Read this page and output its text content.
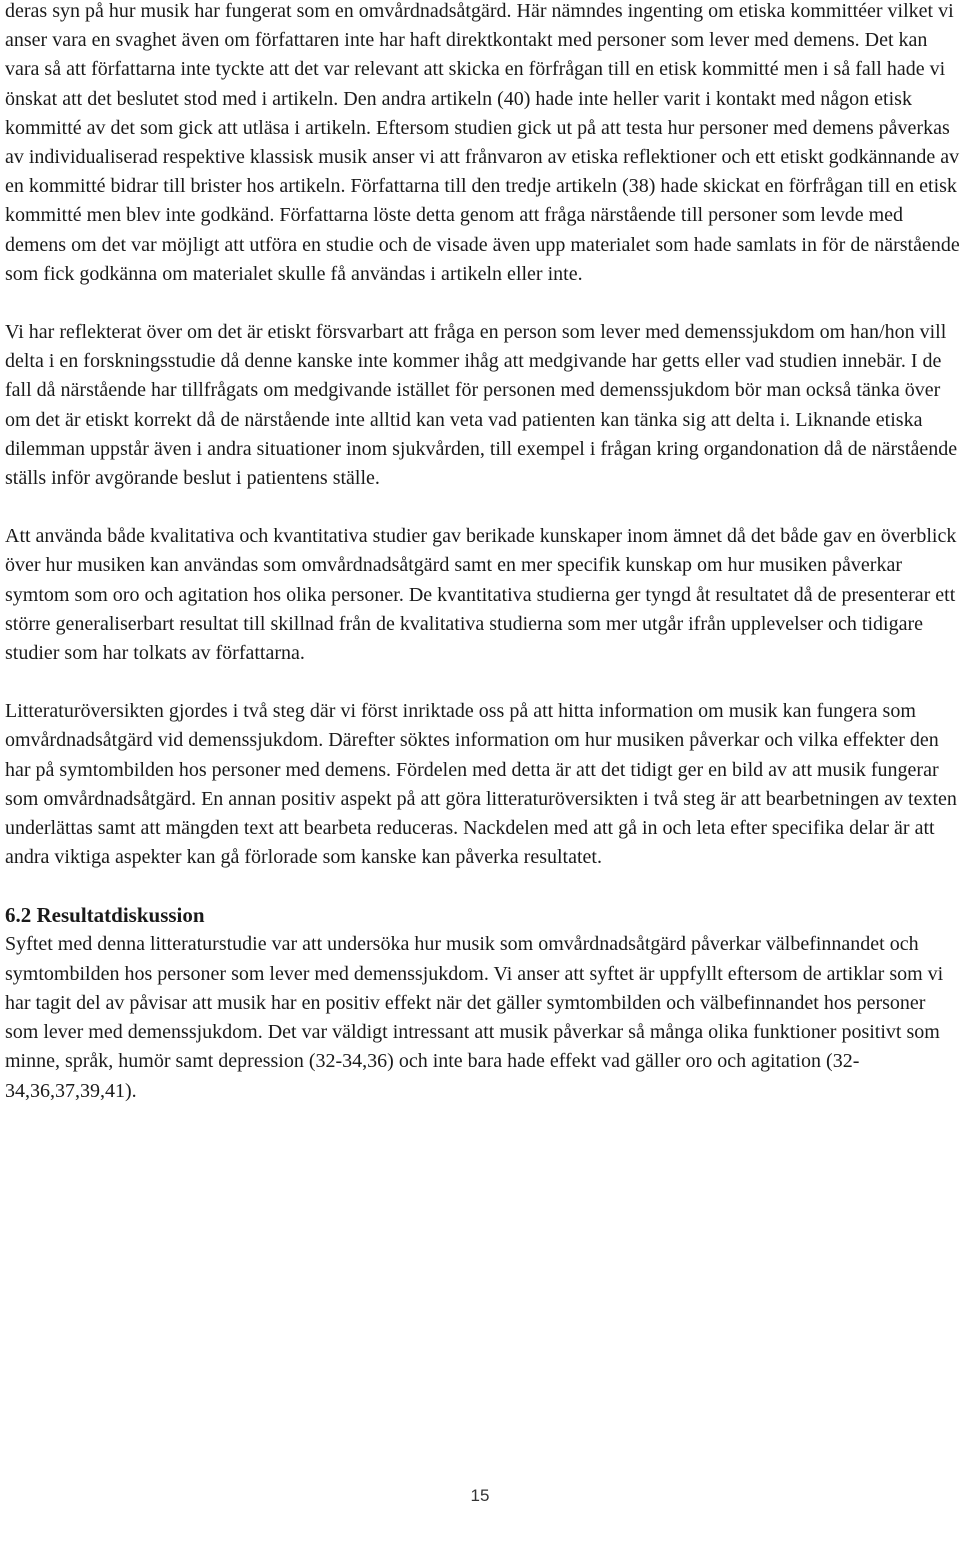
deras syn på hur musik har fungerat som en omvårdnadsåtgärd. Här nämndes ingenting om etiska kommittéer vilket vi anser vara en svaghet även om författaren inte har haft direktkontakt med personer som lever med demens. Det kan vara så att författarna inte tyckte att det var relevant att skicka en förfrågan till en etisk kommitté men i så fall hade vi önskat att det beslutet stod med i artikeln. Den andra artikeln (40) hade inte heller varit i kontakt med någon etisk kommitté av det som gick att utläsa i artikeln. Eftersom studien gick ut på att testa hur personer med demens påverkas av individualiserad respektive klassisk musik anser vi att frånvaron av etiska reflektioner och ett etiskt godkännande av en kommitté bidrar till brister hos artikeln. Författarna till den tredje artikeln (38) hade skickat en förfrågan till en etisk kommitté men blev inte godkänd. Författarna löste detta genom att fråga närstående till personer som levde med demens om det var möjligt att utföra en studie och de visade även upp materialet som hade samlats in för de närstående som fick godkänna om materialet skulle få användas i artikeln eller inte.

Vi har reflekterat över om det är etiskt försvarbart att fråga en person som lever med demenssjukdom om han/hon vill delta i en forskningsstudie då denne kanske inte kommer ihåg att medgivande har getts eller vad studien innebär. I de fall då närstående har tillfrågats om medgivande istället för personen med demenssjukdom bör man också tänka över om det är etiskt korrekt då de närstående inte alltid kan veta vad patienten kan tänka sig att delta i. Liknande etiska dilemman uppstår även i andra situationer inom sjukvården, till exempel i frågan kring organdonation då de närstående ställs inför avgörande beslut i patientens ställe.

Att använda både kvalitativa och kvantitativa studier gav berikade kunskaper inom ämnet då det både gav en överblick över hur musiken kan användas som omvårdnadsåtgärd samt en mer specifik kunskap om hur musiken påverkar symtom som oro och agitation hos olika personer. De kvantitativa studierna ger tyngd åt resultatet då de presenterar ett större generaliserbart resultat till skillnad från de kvalitativa studierna som mer utgår ifrån upplevelser och tidigare studier som har tolkats av författarna.

Litteraturöversikten gjordes i två steg där vi först inriktade oss på att hitta information om musik kan fungera som omvårdnadsåtgärd vid demenssjukdom. Därefter söktes information om hur musiken påverkar och vilka effekter den har på symtombilden hos personer med demens. Fördelen med detta är att det tidigt ger en bild av att musik fungerar som omvårdnadsåtgärd. En annan positiv aspekt på att göra litteraturöversikten i två steg är att bearbetningen av texten underlättas samt att mängden text att bearbeta reduceras. Nackdelen med att gå in och leta efter specifika delar är att andra viktiga aspekter kan gå förlorade som kanske kan påverka resultatet.

6.2 Resultatdiskussion

Syftet med denna litteraturstudie var att undersöka hur musik som omvårdnadsåtgärd påverkar välbefinnandet och symtombilden hos personer som lever med demenssjukdom. Vi anser att syftet är uppfyllt eftersom de artiklar som vi har tagit del av påvisar att musik har en positiv effekt när det gäller symtombilden och välbefinnandet hos personer som lever med demenssjukdom. Det var väldigt intressant att musik påverkar så många olika funktioner positivt som minne, språk, humör samt depression (32-34,36) och inte bara hade effekt vad gäller oro och agitation (32-34,36,37,39,41).

15
